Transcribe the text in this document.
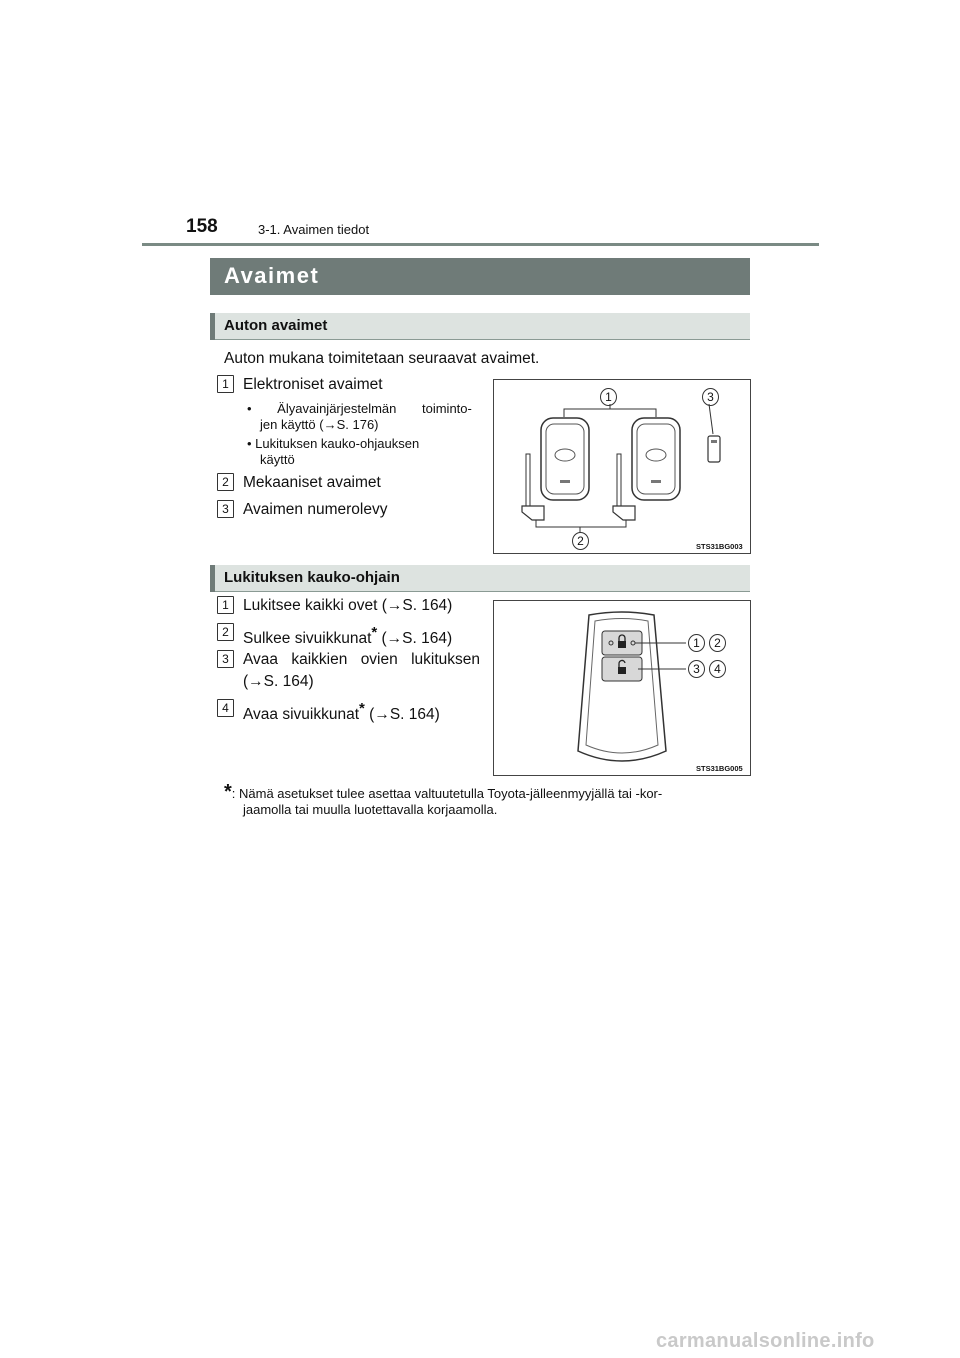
158	3-1. Avaimen tiedot
Avaimet
Auton avaimet
Auton mukana toimitetaan seuraavat avaimet.
1 Elektroniset avaimet
• Älyavainjärjestelmän toiminto-
jen käyttö (→S. 176)
• Lukituksen kauko-ohjauksen
käyttö
2 Mekaaniset avaimet
3 Avaimen numerolevy
1	3
2	STS31BG003
Lukituksen kauko-ohjain
1 Lukitsee kaikki ovet (→S. 164)
2 Sulkee sivuikkunat* (→S. 164)
3 Avaa kaikkien ovien lukituksen
(→S. 164)
4 Avaa sivuikkunat* (→S. 164)
1	2
3	4
STS31BG005
*: Nämä asetukset tulee asettaa valtuutetulla Toyota-jälleenmyyjällä tai -kor-
jaamolla tai muulla luotettavalla korjaamolla.
carmanualsonline.info
